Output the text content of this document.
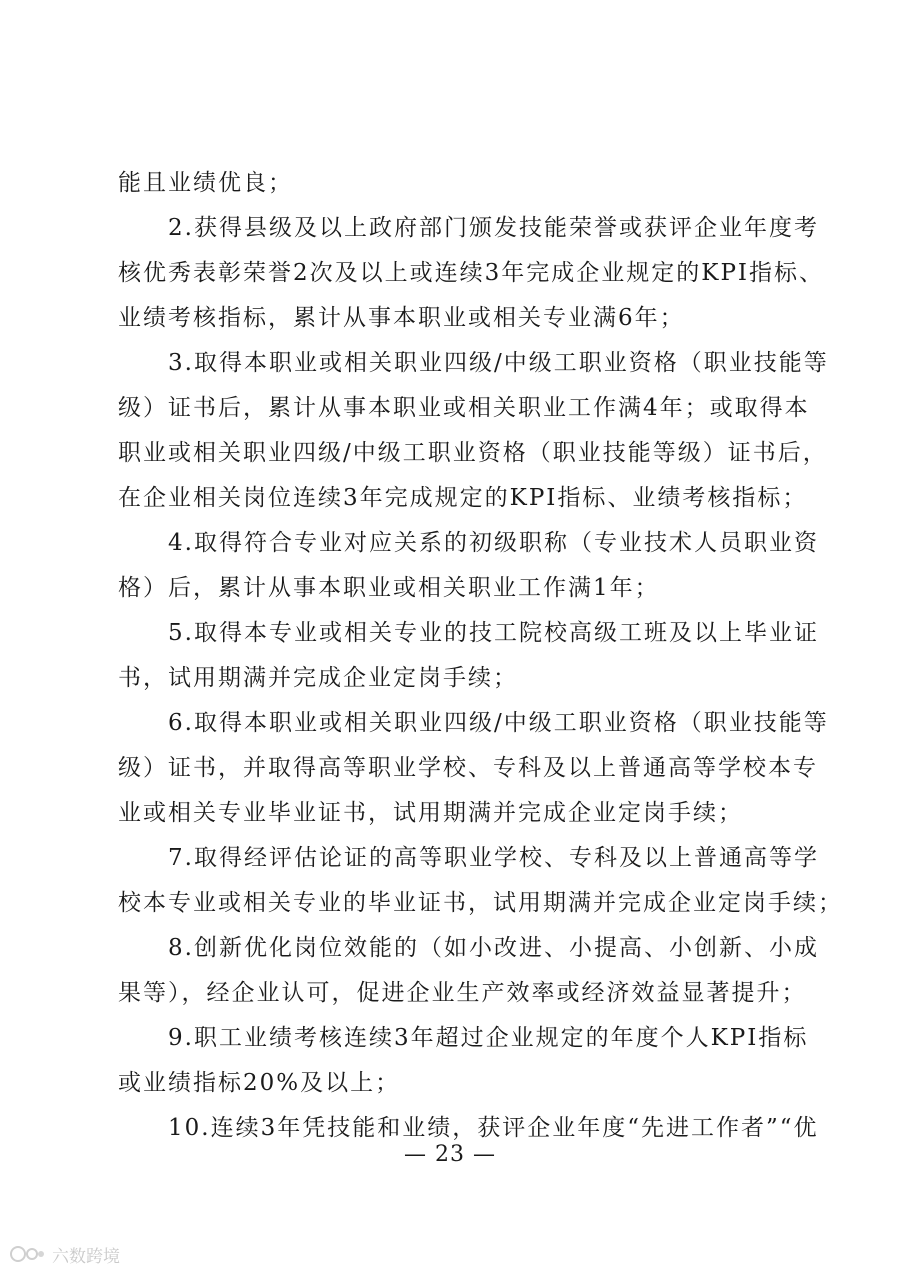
能且业绩优良；
2.获得县级及以上政府部门颁发技能荣誉或获评企业年度考
核优秀表彰荣誉2次及以上或连续3年完成企业规定的KPI指标、
业绩考核指标，累计从事本职业或相关专业满6年；
3.取得本职业或相关职业四级/中级工职业资格（职业技能等
级）证书后，累计从事本职业或相关职业工作满4年；或取得本
职业或相关职业四级/中级工职业资格（职业技能等级）证书后，
在企业相关岗位连续3年完成规定的KPI指标、业绩考核指标；
4.取得符合专业对应关系的初级职称（专业技术人员职业资
格）后，累计从事本职业或相关职业工作满1年；
5.取得本专业或相关专业的技工院校高级工班及以上毕业证
书，试用期满并完成企业定岗手续；
6.取得本职业或相关职业四级/中级工职业资格（职业技能等
级）证书，并取得高等职业学校、专科及以上普通高等学校本专
业或相关专业毕业证书，试用期满并完成企业定岗手续；
7.取得经评估论证的高等职业学校、专科及以上普通高等学
校本专业或相关专业的毕业证书，试用期满并完成企业定岗手续；
8.创新优化岗位效能的（如小改进、小提高、小创新、小成
果等），经企业认可，促进企业生产效率或经济效益显著提升；
9.职工业绩考核连续3年超过企业规定的年度个人KPI指标
或业绩指标20%及以上；
10.连续3年凭技能和业绩，获评企业年度“先进工作者”“优
— 23 —
六数跨境
